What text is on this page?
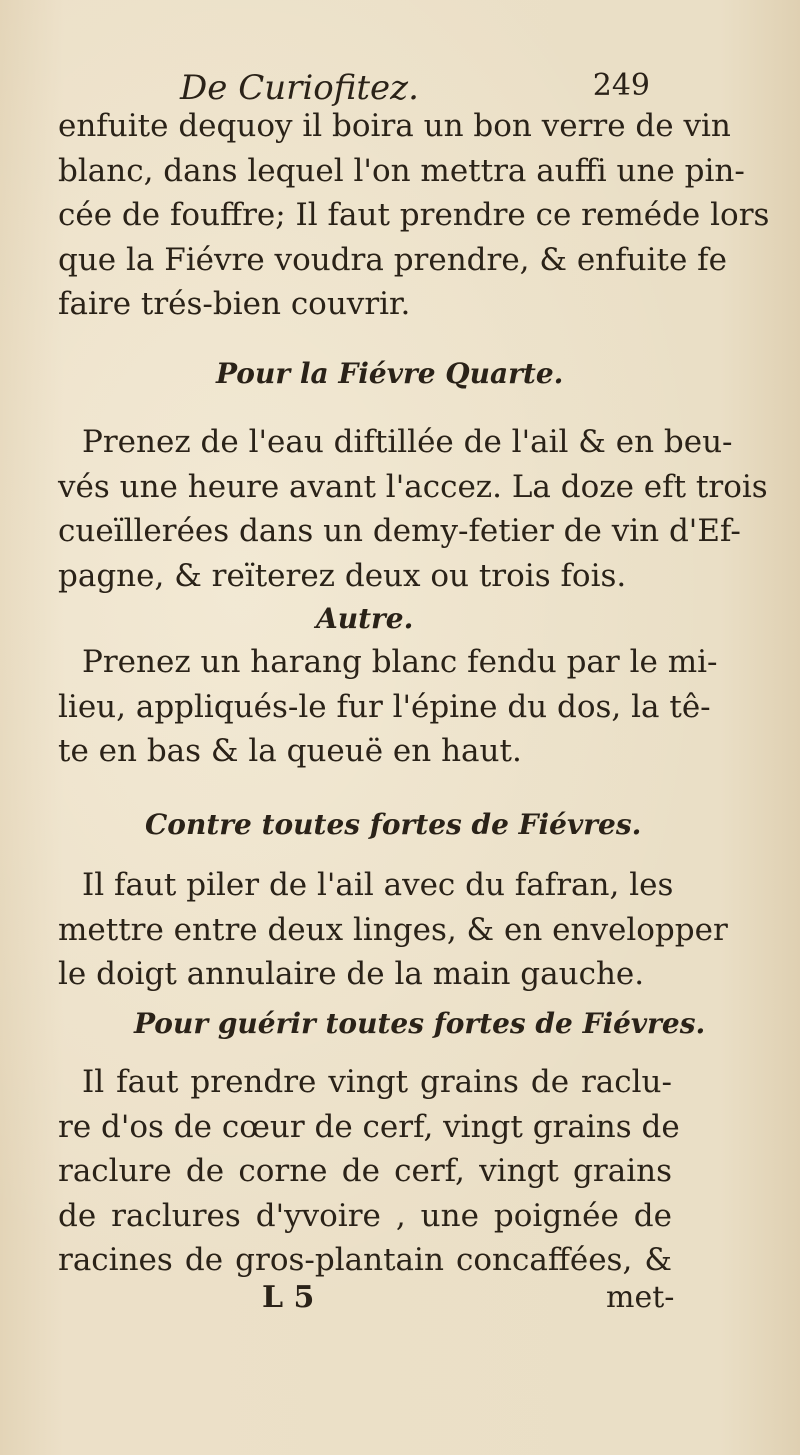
De Curiofitez.	249
enfuite dequoy il boira un bon verre de vin
blanc, dans lequel l'on mettra auffi une pin-
cée de fouffre; Il faut prendre ce reméde lors
que la Fiévre voudra prendre, & enfuite fe
faire trés-bien couvrir.
Pour la Fiévre Quarte.
Prenez de l'eau diftillée de l'ail & en beu-
vés une heure avant l'accez. La doze eft trois
cueïllerées dans un demy-fetier de vin d'Ef-
pagne, & reïterez deux ou trois fois.
Autre.
Prenez un harang blanc fendu par le mi-
lieu, appliqués-le fur l'épine du dos, la tê-
te en bas & la queuë en haut.
Contre toutes fortes de Fiévres.
Il faut piler de l'ail avec du fafran, les
mettre entre deux linges, & en envelopper
le doigt annulaire de la main gauche.
Pour guérir toutes fortes de Fiévres.
Il faut prendre vingt grains de raclu-
re d'os de cœur de cerf, vingt grains de
raclure de corne de cerf, vingt grains
de raclures d'yvoire , une poignée de
racines de gros-plantain concaffées, &
L 5	met-
